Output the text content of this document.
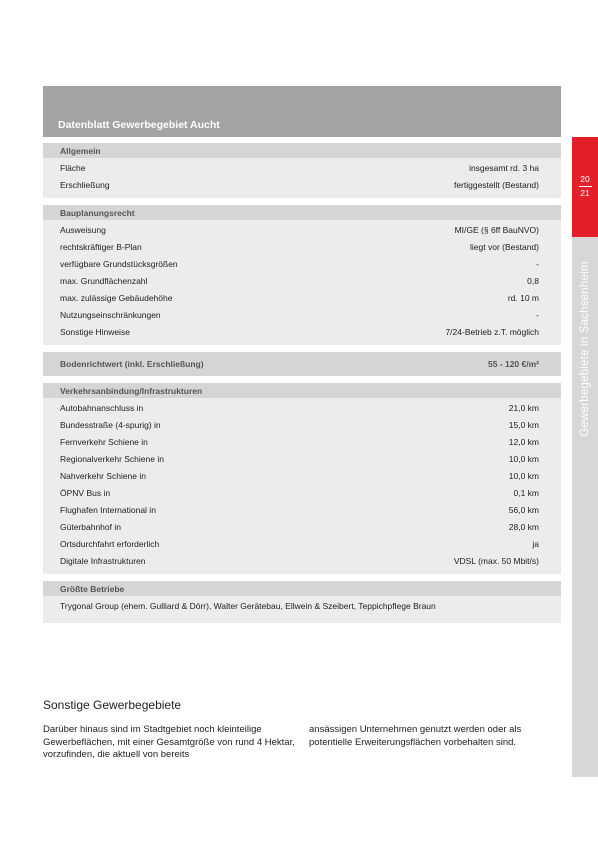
Datenblatt Gewerbegebiet Aucht
Allgemein
Fläche	insgesamt rd. 3 ha
Erschließung	fertiggestellt (Bestand)
Bauplanungsrecht
Ausweisung	MI/GE (§ 6ff BauNVO)
rechtskräftiger B-Plan	liegt vor (Bestand)
verfügbare Grundstücksgrößen	-
max. Grundflächenzahl	0,8
max. zulässige Gebäudehöhe	rd. 10 m
Nutzungseinschränkungen	-
Sonstige Hinweise	7/24-Betrieb z.T. möglich
Bodenrichtwert (inkl. Erschließung)	55 - 120 €/m²
Verkehrsanbindung/Infrastrukturen
Autobahnanschluss in	21,0 km
Bundesstraße (4-spurig) in	15,0 km
Fernverkehr Schiene in	12,0 km
Regionalverkehr Schiene in	10,0 km
Nahverkehr Schiene in	10,0 km
ÖPNV Bus in	0,1 km
Flughafen International in	56,0 km
Güterbahnhof in	28,0 km
Ortsdurchfahrt erforderlich	ja
Digitale Infrastrukturen	VDSL (max. 50 Mbit/s)
Größte Betriebe
Trygonal Group (ehem. Gulliard & Dörr), Walter Gerätebau, Ellwein & Szeibert, Teppichpflege Braun
Sonstige Gewerbegebiete
Darüber hinaus sind im Stadtgebiet noch kleinteilige Gewerbeflächen, mit einer Gesamtgröße von rund 4 Hektar, vorzufinden, die aktuell von bereits
ansässigen Unternehmen genutzt werden oder als potentielle Erweiterungsflächen vorbehalten sind.
20
21
Gewerbegebiete in Sachsenheim
